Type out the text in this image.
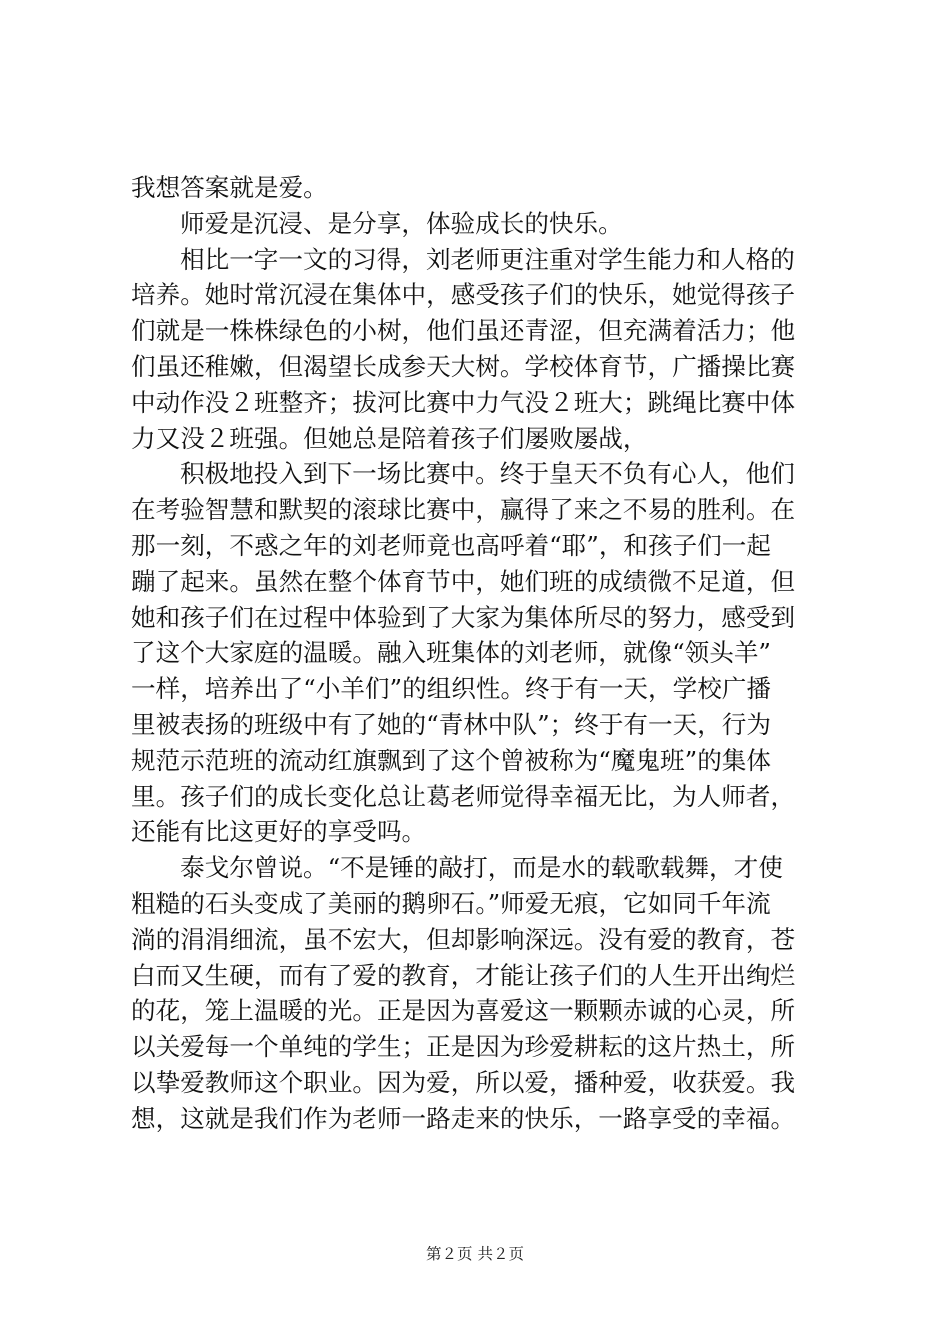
我想答案就是爱。
师爱是沉浸、是分享，体验成长的快乐。
相比一字一文的习得，刘老师更注重对学生能力和人格的
培养。她时常沉浸在集体中，感受孩子们的快乐，她觉得孩子
们就是一株株绿色的小树，他们虽还青涩，但充满着活力；他
们虽还稚嫩，但渴望长成参天大树。学校体育节，广播操比赛
中动作没２班整齐；拔河比赛中力气没２班大；跳绳比赛中体
力又没２班强。但她总是陪着孩子们屡败屡战，
积极地投入到下一场比赛中。终于皇天不负有心人，他们
在考验智慧和默契的滚球比赛中，赢得了来之不易的胜利。在
那一刻，不惑之年的刘老师竟也高呼着“耶”，和孩子们一起
蹦了起来。虽然在整个体育节中，她们班的成绩微不足道，但
她和孩子们在过程中体验到了大家为集体所尽的努力，感受到
了这个大家庭的温暖。融入班集体的刘老师，就像“领头羊”
一样，培养出了“小羊们”的组织性。终于有一天，学校广播
里被表扬的班级中有了她的“青林中队”；终于有一天，行为
规范示范班的流动红旗飘到了这个曾被称为“魔鬼班”的集体
里。孩子们的成长变化总让葛老师觉得幸福无比，为人师者，
还能有比这更好的享受吗。
泰戈尔曾说。“不是锤的敲打，而是水的载歌载舞，才使
粗糙的石头变成了美丽的鹅卵石。”师爱无痕，它如同千年流
淌的涓涓细流，虽不宏大，但却影响深远。没有爱的教育，苍
白而又生硬，而有了爱的教育，才能让孩子们的人生开出绚烂
的花，笼上温暖的光。正是因为喜爱这一颗颗赤诚的心灵，所
以关爱每一个单纯的学生；正是因为珍爱耕耘的这片热土，所
以挚爱教师这个职业。因为爱，所以爱，播种爱，收获爱。我
想，这就是我们作为老师一路走来的快乐，一路享受的幸福。
第２页 共２页
